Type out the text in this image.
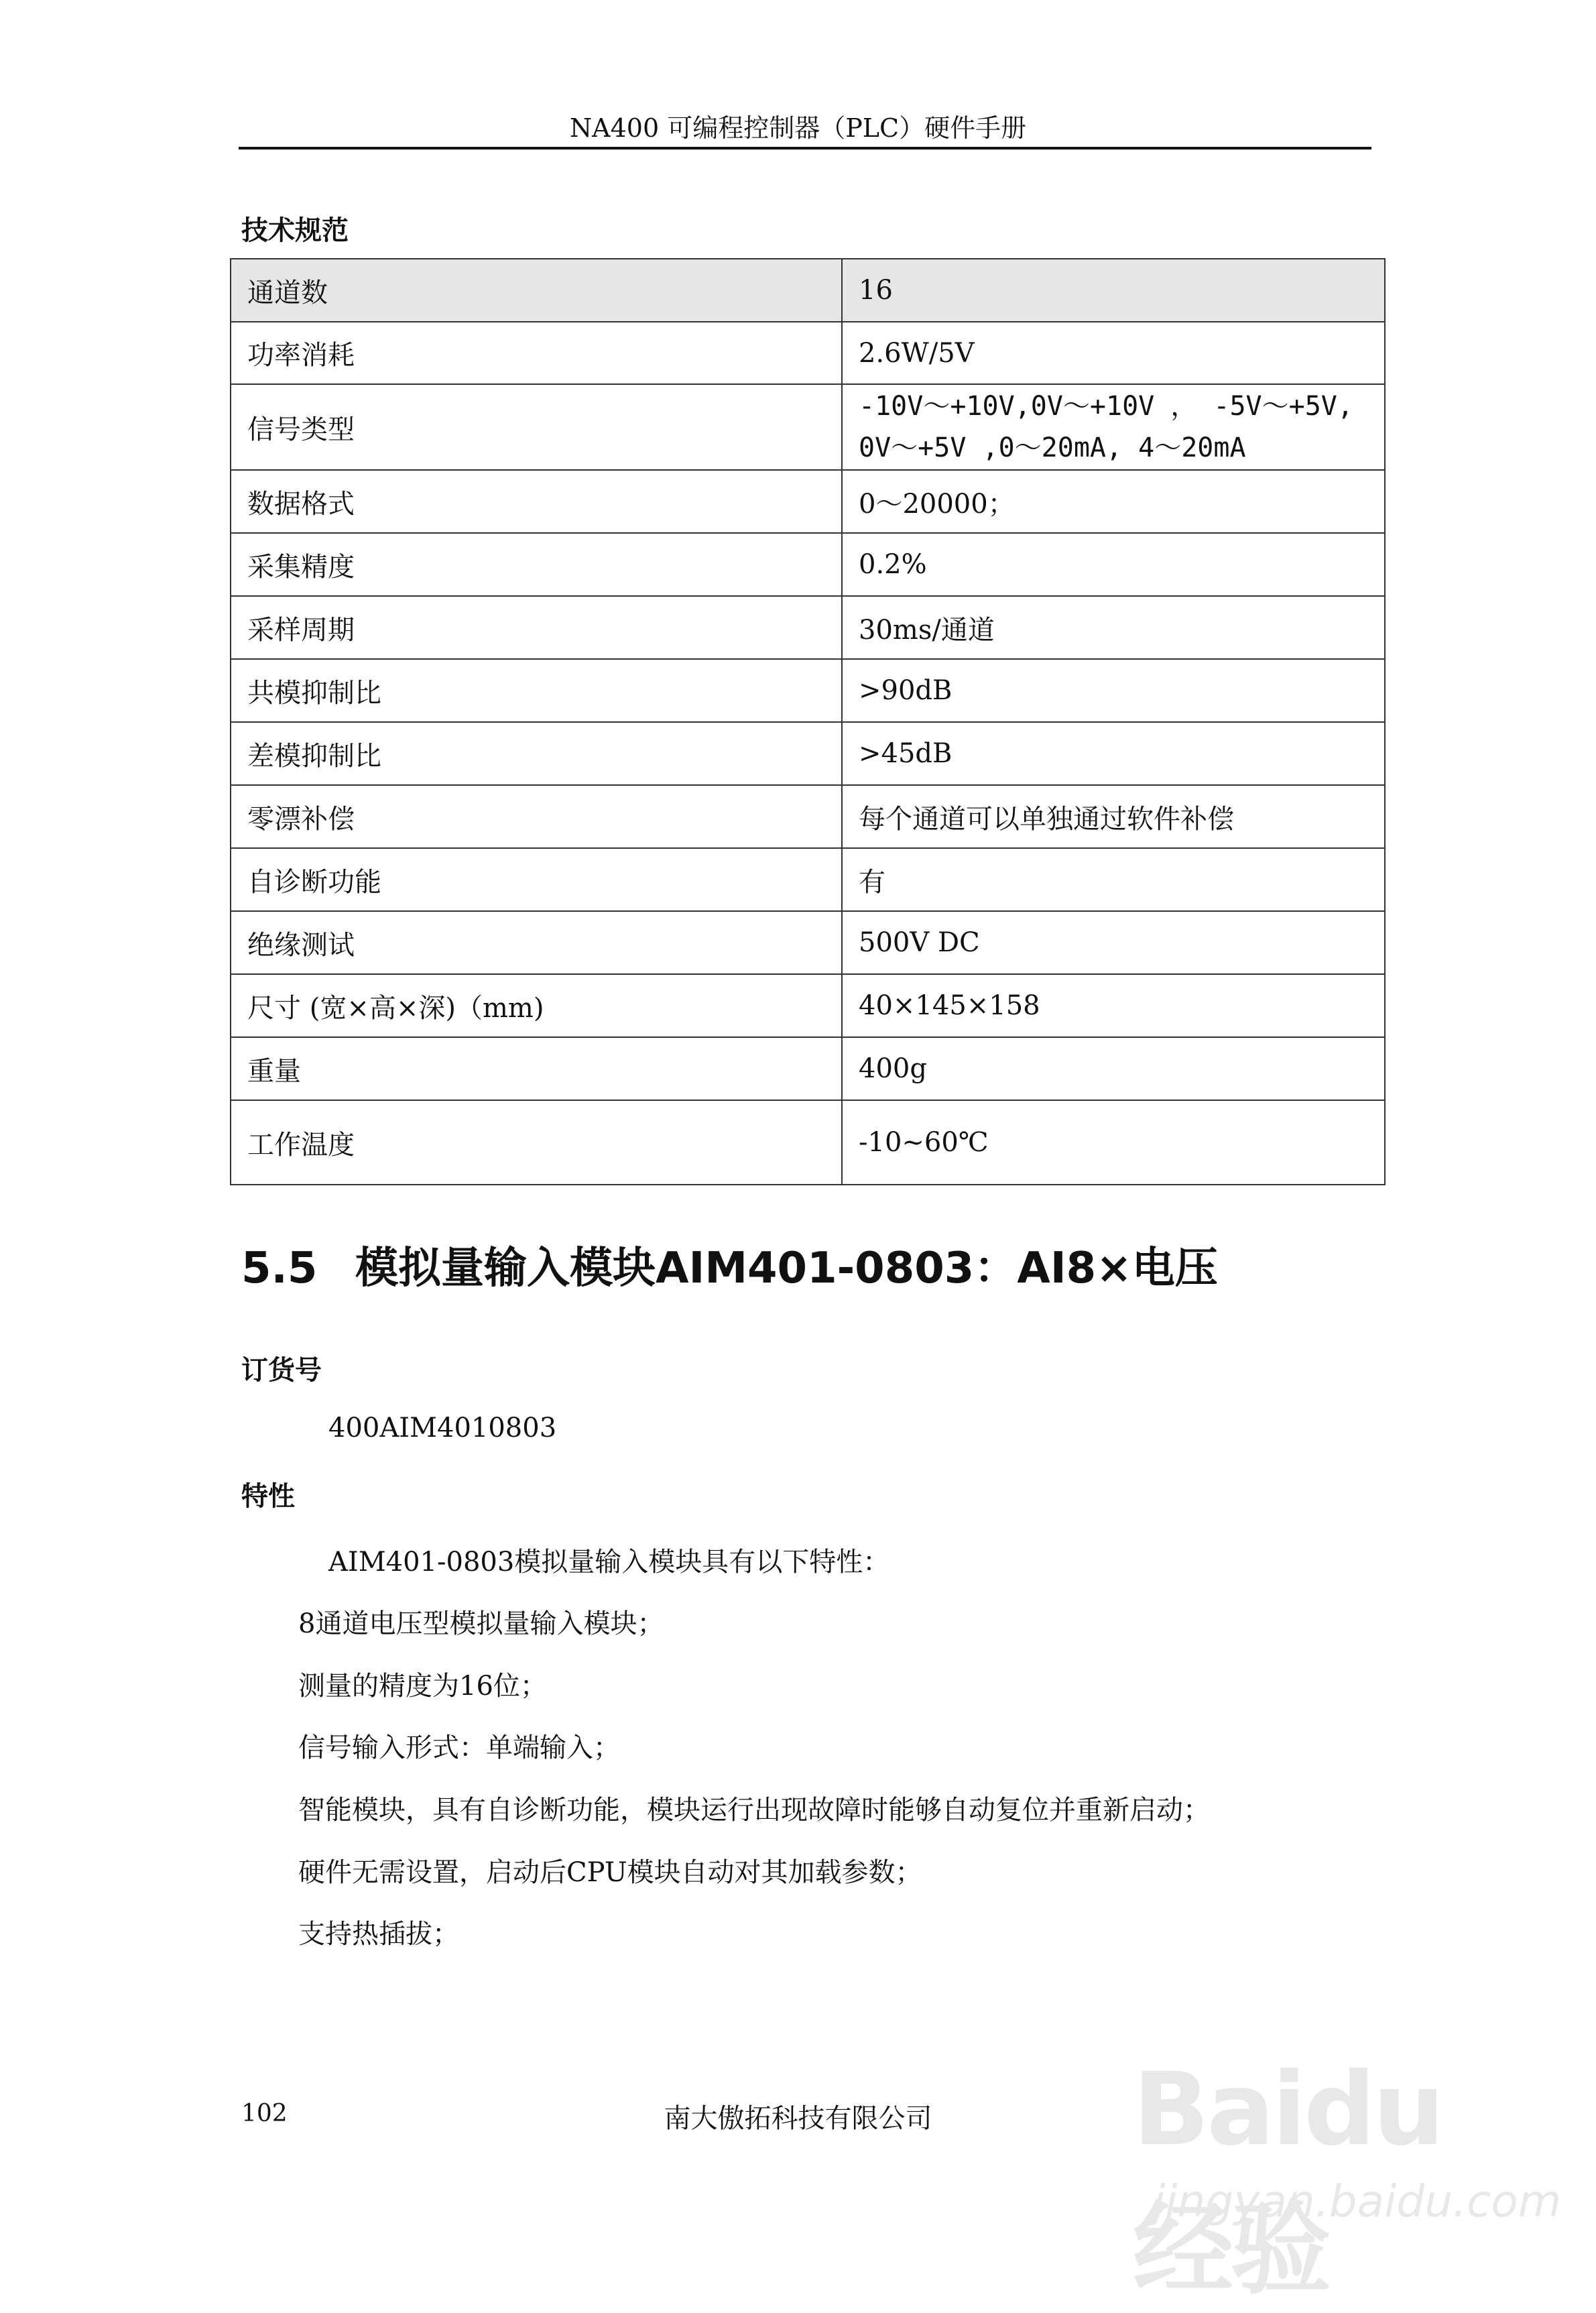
NA400 可编程控制器（PLC）硬件手册
技术规范
通道数	16
功率消耗	2.6W/5V
信号类型	-10V～+10V,0V～+10V ， -5V～+5V,
0V～+5V ,0～20mA, 4～20mA

数据格式	0～20000；
采集精度	0.2%
采样周期	30ms/通道
共模抑制比	>90dB
差模抑制比	>45dB
零漂补偿	每个通道可以单独通过软件补偿
自诊断功能	有
绝缘测试	500V DC
尺寸 (宽×高×深)（mm)	40×145×158
重量	400g
工作温度	-10~60℃
5.5 模拟量输入模块AIM401-0803：AI8×电压
订货号
400AIM4010803
特性
AIM401-0803模拟量输入模块具有以下特性：
8通道电压型模拟量输入模块；
测量的精度为16位；
信号输入形式：单端输入；
智能模块，具有自诊断功能，模块运行出现故障时能够自动复位并重新启动；
硬件无需设置，启动后CPU模块自动对其加载参数；
支持热插拔；
102	南大傲拓科技有限公司	Baidu经验
jingyan.baidu.com
